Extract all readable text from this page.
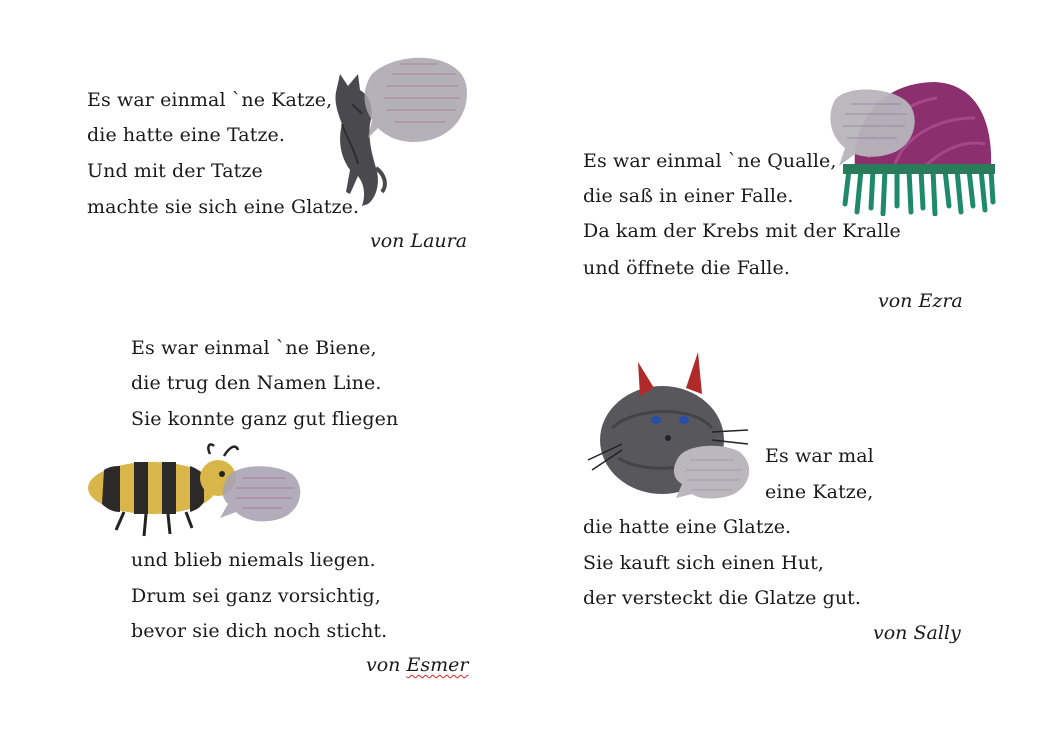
Es war einmal `ne Katze,
die hatte eine Tatze.
Und mit der Tatze
machte sie sich eine Glatze.
von Laura
Es war einmal `ne Qualle,
die saß in einer Falle.
Da kam der Krebs mit der Kralle
und öffnete die Falle.
von Ezra
Es war einmal `ne Biene,
die trug den Namen Line.
Sie konnte ganz gut fliegen
und blieb niemals liegen.
Drum sei ganz vorsichtig,
bevor sie dich noch sticht.
von Esmer
Es war mal
eine Katze,
die hatte eine Glatze.
Sie kauft sich einen Hut,
der versteckt die Glatze gut.
von Sally
